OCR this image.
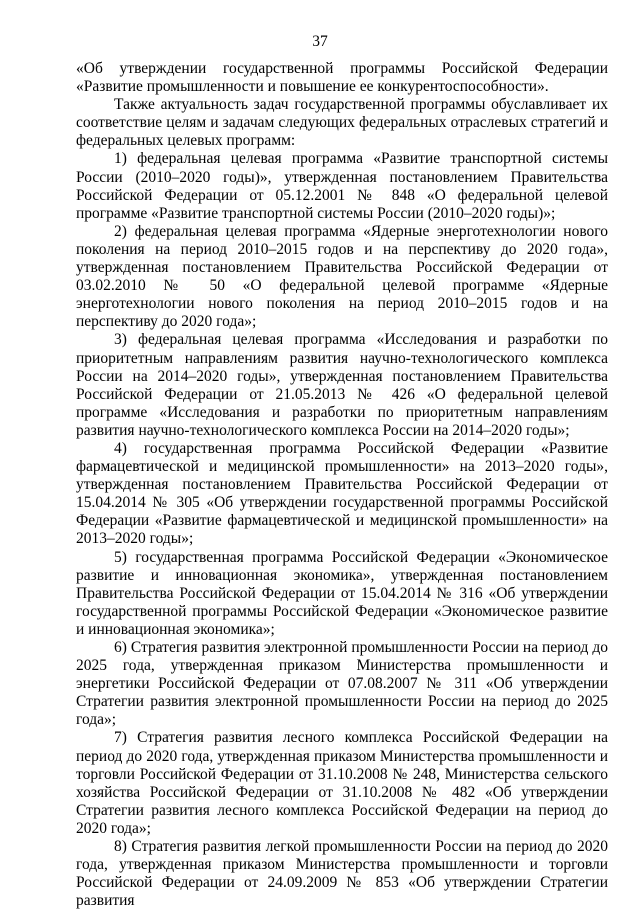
37

«Об утверждении государственной программы Российской Федерации «Развитие промышленности и повышение ее конкурентоспособности».

Также актуальность задач государственной программы обуславливает их соответствие целям и задачам следующих федеральных отраслевых стратегий и федеральных целевых программ:

1) федеральная целевая программа «Развитие транспортной системы России (2010–2020 годы)», утвержденная постановлением Правительства Российской Федерации от 05.12.2001 № 848 «О федеральной целевой программе «Развитие транспортной системы России (2010–2020 годы)»;

2) федеральная целевая программа «Ядерные энерготехнологии нового поколения на период 2010–2015 годов и на перспективу до 2020 года», утвержденная постановлением Правительства Российской Федерации от 03.02.2010 № 50 «О федеральной целевой программе «Ядерные энерготехнологии нового поколения на период 2010–2015 годов и на перспективу до 2020 года»;

3) федеральная целевая программа «Исследования и разработки по приоритетным направлениям развития научно-технологического комплекса России на 2014–2020 годы», утвержденная постановлением Правительства Российской Федерации от 21.05.2013 № 426 «О федеральной целевой программе «Исследования и разработки по приоритетным направлениям развития научно-технологического комплекса России на 2014–2020 годы»;

4) государственная программа Российской Федерации «Развитие фармацевтической и медицинской промышленности» на 2013–2020 годы», утвержденная постановлением Правительства Российской Федерации от 15.04.2014 № 305 «Об утверждении государственной программы Российской Федерации «Развитие фармацевтической и медицинской промышленности» на 2013–2020 годы»;

5) государственная программа Российской Федерации «Экономическое развитие и инновационная экономика», утвержденная постановлением Правительства Российской Федерации от 15.04.2014 № 316 «Об утверждении государственной программы Российской Федерации «Экономическое развитие и инновационная экономика»;

6) Стратегия развития электронной промышленности России на период до 2025 года, утвержденная приказом Министерства промышленности и энергетики Российской Федерации от 07.08.2007 № 311 «Об утверждении Стратегии развития электронной промышленности России на период до 2025 года»;

7) Стратегия развития лесного комплекса Российской Федерации на период до 2020 года, утвержденная приказом Министерства промышленности и торговли Российской Федерации от 31.10.2008 № 248, Министерства сельского хозяйства Российской Федерации от 31.10.2008 № 482 «Об утверждении Стратегии развития лесного комплекса Российской Федерации на период до 2020 года»;

8) Стратегия развития легкой промышленности России на период до 2020 года, утвержденная приказом Министерства промышленности и торговли Российской Федерации от 24.09.2009 № 853 «Об утверждении Стратегии развития
